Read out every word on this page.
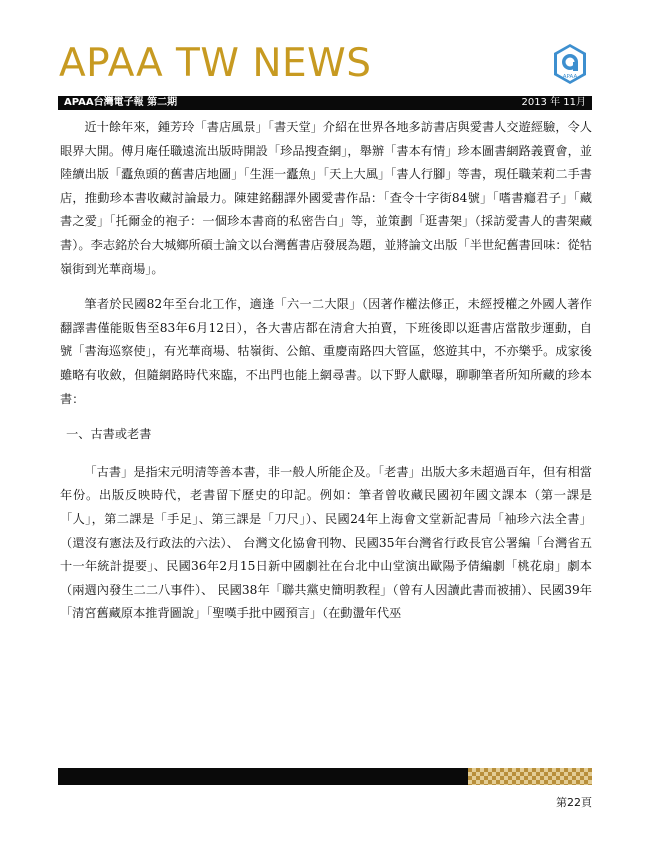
APAA TW NEWS	APAA
APAA台灣電子報 第二期	2013 年 11月

近十餘年來，鍾芳玲「書店風景」「書天堂」介紹在世界各地多訪書店與愛書人交遊經驗，令人眼界大開。傅月庵任職遠流出版時開設「珍品搜查網」，舉辦「書本有情」珍本圖書網路義賣會，並陸續出版「蠹魚頭的舊書店地圖」「生涯一蠹魚」「天上大風」「書人行腳」等書，現任職茉莉二手書店，推動珍本書收藏討論最力。陳建銘翻譯外國愛書作品：「查令十字街84號」「嗜書癮君子」「藏書之愛」「托爾金的袍子：一個珍本書商的私密告白」等，並策劃「逛書架」（採訪愛書人的書架藏書）。李志銘於台大城鄉所碩士論文以台灣舊書店發展為題，並將論文出版「半世紀舊書回味：從牯嶺街到光華商場」。

筆者於民國82年至台北工作，適逢「六一二大限」（因著作權法修正，未經授權之外國人著作翻譯書僅能販售至83年6月12日），各大書店都在清倉大拍賣，下班後即以逛書店當散步運動，自號「書海巡察使」，有光華商場、牯嶺街、公館、重慶南路四大管區，悠遊其中，不亦樂乎。成家後雖略有收斂，但隨網路時代來臨，不出門也能上網尋書。以下野人獻曝，聊聊筆者所知所藏的珍本書：

一、古書或老書

「古書」是指宋元明清等善本書，非一般人所能企及。「老書」出版大多未超過百年，但有相當年份。出版反映時代，老書留下歷史的印記。例如：筆者曾收藏民國初年國文課本（第一課是「人」，第二課是「手足」、第三課是「刀尺」）、民國24年上海會文堂新記書局「袖珍六法全書」（還沒有憲法及行政法的六法）、 台灣文化協會刊物、民國35年台灣省行政長官公署編「台灣省五十一年統計提要」、民國36年2月15日新中國劇社在台北中山堂演出歐陽予倩編劇「桃花扇」劇本（兩週內發生二二八事件）、 民國38年「聯共黨史簡明教程」（曾有人因讀此書而被捕）、民國39年「清宮舊藏原本推背圖說」「聖嘆手批中國預言」（在動盪年代巫

第22頁
